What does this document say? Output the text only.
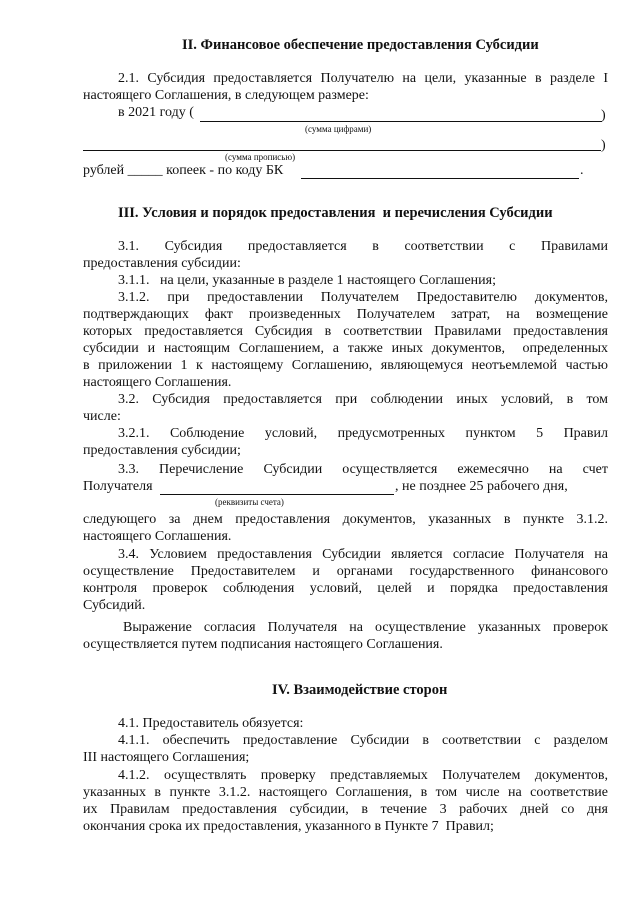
II. Финансовое обеспечение предоставления Субсидии
2.1. Субсидия предоставляется Получателю на цели, указанные в разделе I
настоящего Соглашения, в следующем размере:
в 2021 году (	)
(сумма цифрами)
)
(сумма прописью)
рублей _____ копеек - по коду БК	.
III. Условия и порядок предоставления  и перечисления Субсидии
3.1.   Субсидия   предоставляется   в   соответствии   с   Правилами
предоставления субсидии:
3.1.1.   на цели, указанные в разделе 1 настоящего Соглашения;
3.1.2. при предоставлении Получателем Предоставителю документов,
подтверждающих факт произведенных Получателем затрат, на возмещение
которых предоставляется Субсидия в соответствии Правилами предоставления
субсидии и настоящим Соглашением, а также иных документов,  определенных
в приложении 1 к настоящему Соглашению, являющемуся неотъемлемой частью
настоящего Соглашения.
3.2. Субсидия предоставляется при соблюдении иных условий, в том
числе:
3.2.1.  Соблюдение  условий,  предусмотренных  пунктом  5  Правил
предоставления субсидии;
3.3.  Перечисление  Субсидии  осуществляется  ежемесячно  на  счет
Получателя	, не позднее 25 рабочего дня,
(реквизиты счета)
следующего за днем предоставления документов, указанных в пункте 3.1.2.
настоящего Соглашения.
3.4. Условием предоставления Субсидии является согласие Получателя на
осуществление Предоставителем и органами государственного финансового
контроля проверок соблюдения условий, целей и порядка предоставления
Субсидий.
Выражение согласия Получателя на осуществление указанных проверок
осуществляется путем подписания настоящего Соглашения.
IV. Взаимодействие сторон
4.1. Предоставитель обязуется:
4.1.1. обеспечить предоставление Субсидии в соответствии с разделом
III настоящего Соглашения;
4.1.2. осуществлять проверку представляемых Получателем документов,
указанных в пункте 3.1.2. настоящего Соглашения, в том числе на соответствие
их Правилам предоставления субсидии, в течение 3 рабочих дней со дня
окончания срока их предоставления, указанного в Пункте 7  Правил;
